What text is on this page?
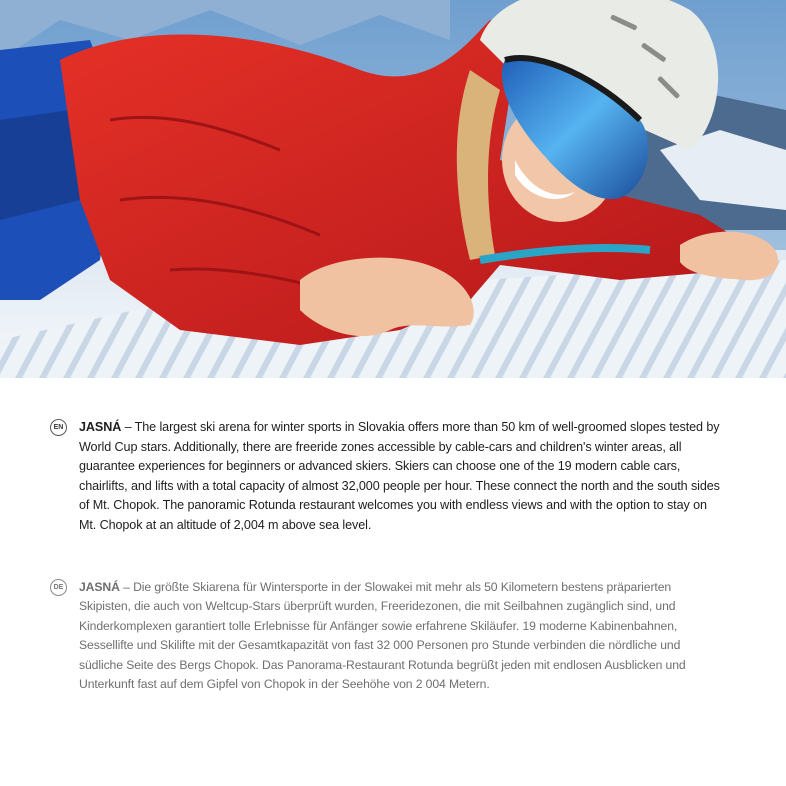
EN JASNÁ – The largest ski arena for winter sports in Slovakia offers more than 50 km of well-groomed slopes tested by World Cup stars. Additionally, there are freeride zones accessible by cable-cars and children's winter areas, all guarantee experiences for beginners or advanced skiers. Skiers can choose one of the 19 modern cable cars, chairlifts, and lifts with a total capacity of almost 32,000 people per hour. These connect the north and the south sides of Mt. Chopok. The panoramic Rotunda restaurant welcomes you with endless views and with the option to stay on Mt. Chopok at an altitude of 2,004 m above sea level.
DE JASNÁ – Die größte Skiarena für Wintersporte in der Slowakei mit mehr als 50 Kilometern bestens präparierten Skipisten, die auch von Weltcup-Stars überprüft wurden, Freeridezonen, die mit Seilbahnen zugänglich sind, und Kinderkomplexen garantiert tolle Erlebnisse für Anfänger sowie erfahrene Skiläufer. 19 moderne Kabinenbahnen, Sessellifte und Skilifte mit der Gesamtkapazität von fast 32 000 Personen pro Stunde verbinden die nördliche und südliche Seite des Bergs Chopok. Das Panorama-Restaurant Rotunda begrüßt jeden mit endlosen Ausblicken und Unterkunft fast auf dem Gipfel von Chopok in der Seehöhe von 2 004 Metern.
